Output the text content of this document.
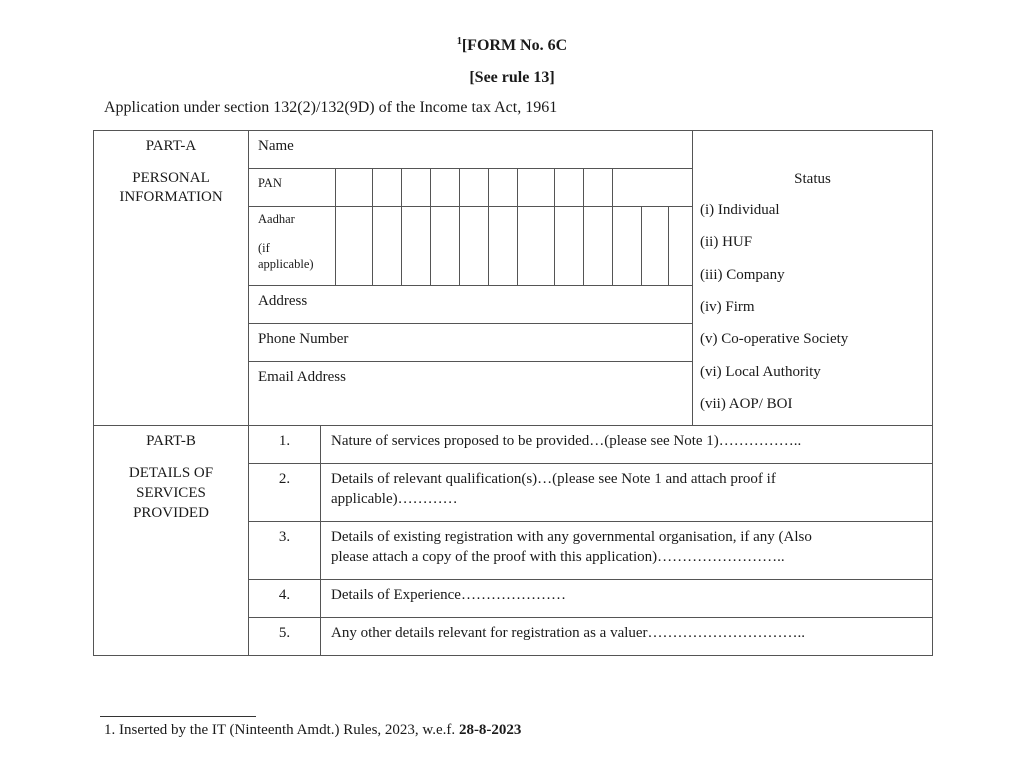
$^1$[FORM No. 6C
[See rule 13]
Application under section 132(2)/132(9D) of the Income tax Act, 1961
PART-A
PERSONAL
INFORMATION
Name
PAN
Aadhar
(if
applicable)
Address
Phone Number
Email Address
Status
(i) Individual
(ii) HUF
(iii) Company
(iv) Firm
(v) Co-operative Society
(vi) Local Authority
(vii) AOP/ BOI
PART-B
DETAILS OF
SERVICES
PROVIDED
1.	Nature of services proposed to be provided…(please see Note 1)……………..
2.	Details of relevant qualification(s)…(please see Note 1 and attach proof if
applicable)…………
3.	Details of existing registration with any governmental organisation, if any (Also
please attach a copy of the proof with this application)……………………..
4.	Details of Experience…………………
5.	Any other details relevant for registration as a valuer…………………………..
1. Inserted by the IT (Ninteenth Amdt.) Rules, 2023, w.e.f. 28-8-2023
